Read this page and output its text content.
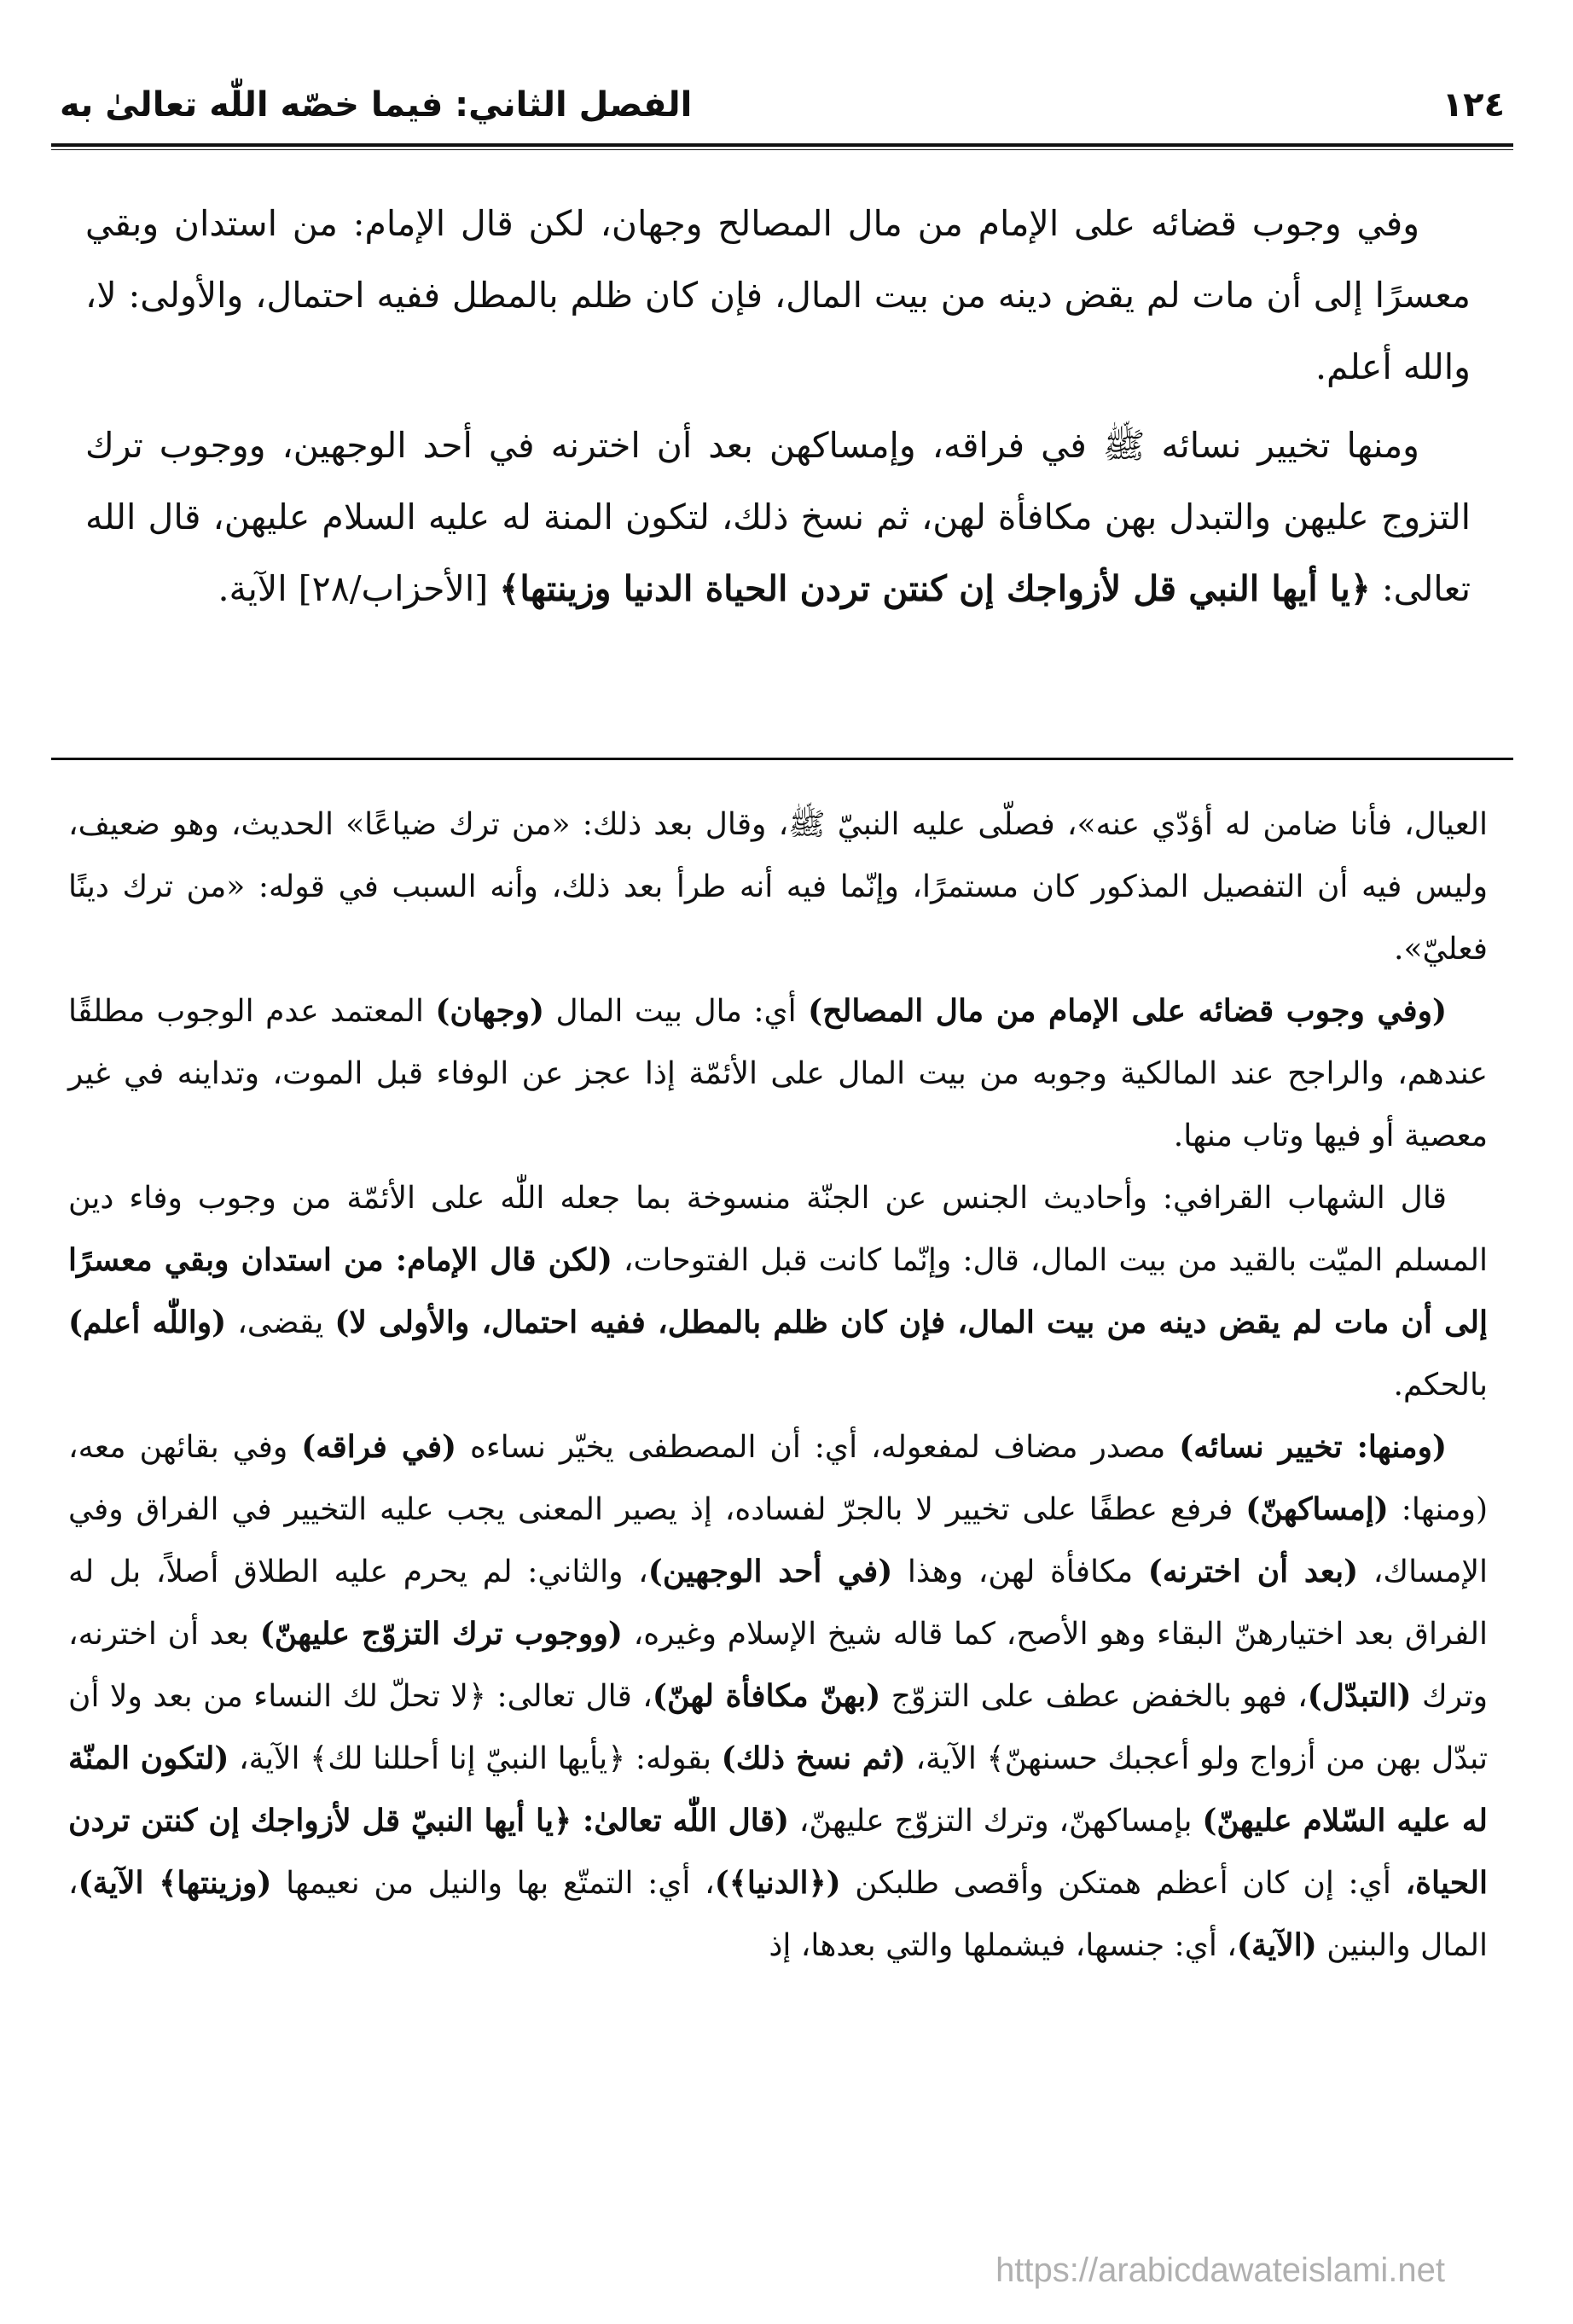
١٢٤
الفصل الثاني: فيما خصّه اللّٰه تعالىٰ به

وفي وجوب قضائه على الإمام من مال المصالح وجهان، لكن قال الإمام: من استدان وبقي معسرًا إلى أن مات لم يقض دينه من بيت المال، فإن كان ظلم بالمطل ففيه احتمال، والأولى: لا، والله أعلم.

ومنها تخيير نسائه ﷺ في فراقه، وإمساكهن بعد أن اخترنه في أحد الوجهين، ووجوب ترك التزوج عليهن والتبدل بهن مكافأة لهن، ثم نسخ ذلك، لتكون المنة له عليه السلام عليهن، قال الله تعالى: ﴿يا أيها النبي قل لأزواجك إن كنتن تردن الحياة الدنيا وزينتها﴾ [الأحزاب/٢٨] الآية.

العيال، فأنا ضامن له أؤدّي عنه»، فصلّى عليه النبيّ ﷺ، وقال بعد ذلك: «من ترك ضياعًا» الحديث، وهو ضعيف، وليس فيه أن التفصيل المذكور كان مستمرًا، وإنّما فيه أنه طرأ بعد ذلك، وأنه السبب في قوله: «من ترك دينًا فعليّ».

(وفي وجوب قضائه على الإمام من مال المصالح) أي: مال بيت المال (وجهان) المعتمد عدم الوجوب مطلقًا عندهم، والراجح عند المالكية وجوبه من بيت المال على الأئمّة إذا عجز عن الوفاء قبل الموت، وتداينه في غير معصية أو فيها وتاب منها.

قال الشهاب القرافي: وأحاديث الجنس عن الجنّة منسوخة بما جعله اللّٰه على الأئمّة من وجوب وفاء دين المسلم الميّت بالقيد من بيت المال، قال: وإنّما كانت قبل الفتوحات، (لكن قال الإمام: من استدان وبقي معسرًا إلى أن مات لم يقض دينه من بيت المال، فإن كان ظلم بالمطل، ففيه احتمال، والأولى لا) يقضى، (واللّٰه أعلم) بالحكم.

(ومنها: تخيير نسائه) مصدر مضاف لمفعوله، أي: أن المصطفى يخيّر نساءه (في فراقه) وفي بقائهن معه، (ومنها: (إمساكهنّ) فرفع عطفًا على تخيير لا بالجرّ لفساده، إذ يصير المعنى يجب عليه التخيير في الفراق وفي الإمساك، (بعد أن اخترنه) مكافأة لهن، وهذا (في أحد الوجهين)، والثاني: لم يحرم عليه الطلاق أصلاً، بل له الفراق بعد اختيارهنّ البقاء وهو الأصح، كما قاله شيخ الإسلام وغيره، (ووجوب ترك التزوّج عليهنّ) بعد أن اخترنه، وترك (التبدّل)، فهو بالخفض عطف على التزوّج (بهنّ مكافأة لهنّ)، قال تعالى: ﴿لا تحلّ لك النساء من بعد ولا أن تبدّل بهن من أزواج ولو أعجبك حسنهنّ﴾ الآية، (ثم نسخ ذلك) بقوله: ﴿يأيها النبيّ إنا أحللنا لك﴾ الآية، (لتكون المنّة له عليه السّلام عليهنّ) بإمساكهنّ، وترك التزوّج عليهنّ، (قال اللّٰه تعالىٰ: ﴿يا أيها النبيّ قل لأزواجك إن كنتن تردن الحياة، أي: إن كان أعظم همتكن وأقصى طلبكن (﴿الدنيا﴾)، أي: التمتّع بها والنيل من نعيمها (وزينتها﴾ الآية)، المال والبنين (الآية)، أي: جنسها، فيشملها والتي بعدها، إذ

https://arabicdawateislami.net
